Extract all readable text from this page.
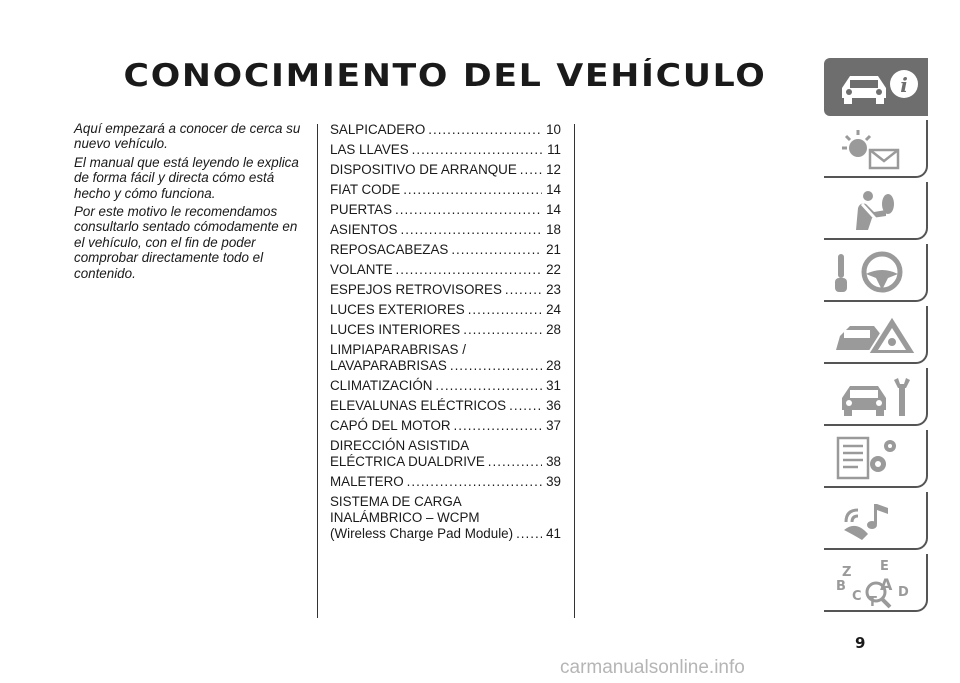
CONOCIMIENTO DEL VEHÍCULO

Aquí empezará a conocer de cerca su nuevo vehículo.

El manual que está leyendo le explica de forma fácil y directa cómo está hecho y cómo funciona.

Por este motivo le recomendamos consultarlo sentado cómodamente en el vehículo, con el fin de poder comprobar directamente todo el contenido.

SALPICADERO .....	10
LAS LLAVES .....	11
DISPOSITIVO DE ARRANQUE ..... 12
FIAT CODE .....	14
PUERTAS .....	14
ASIENTOS .....	18
REPOSACABEZAS .....	21
VOLANTE .....	22
ESPEJOS RETROVISORES .....	23
LUCES EXTERIORES .....	24
LUCES INTERIORES .....	28
LIMPIAPARABRISAS /
LAVAPARABRISAS .....	28
CLIMATIZACIÓN .....	31
ELEVALUNAS ELÉCTRICOS .....	36
CAPÓ DEL MOTOR .....	37
DIRECCIÓN ASISTIDA
ELÉCTRICA DUALDRIVE .....	38
MALETERO .....	39
SISTEMA DE CARGA
INALÁMBRICO – WCPM
(Wireless Charge Pad Module) ..... 41
i
Z E
B A
C T
D
9
carmanualsonline.info
